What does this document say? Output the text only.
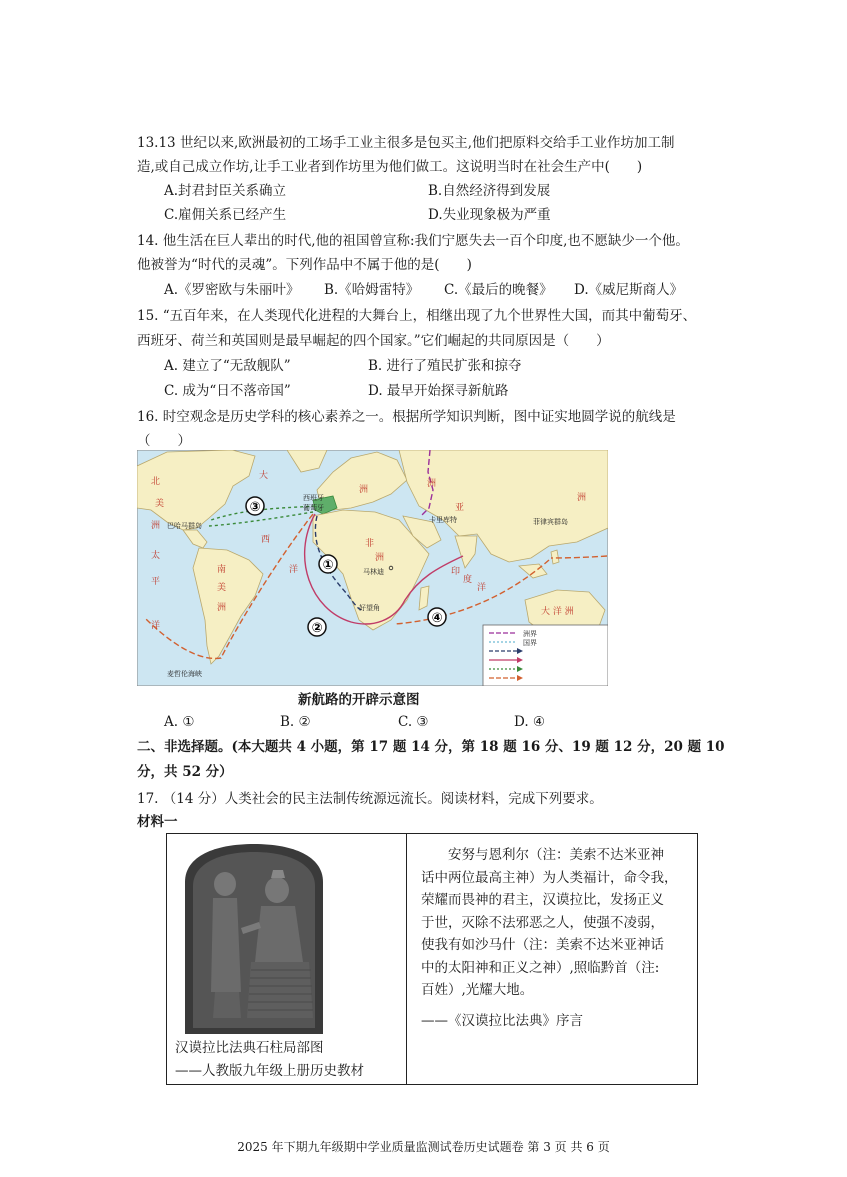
13.13 世纪以来,欧洲最初的工场手工业主很多是包买主,他们把原料交给手工业作坊加工制
造,或自己成立作坊,让手工业者到作坊里为他们做工。这说明当时在社会生产中(　　)
A.封君封臣关系确立	B.自然经济得到发展
C.雇佣关系已经产生	D.失业现象极为严重
14. 他生活在巨人辈出的时代,他的祖国曾宣称:我们宁愿失去一百个印度,也不愿缺少一个他。
他被誉为“时代的灵魂”。下列作品中不属于他的是(　　)
A.《罗密欧与朱丽叶》 B.《哈姆雷特》 C.《最后的晚餐》 D.《威尼斯商人》
15. “五百年来，在人类现代化进程的大舞台上，相继出现了九个世界性大国，而其中葡萄牙、
西班牙、荷兰和英国则是最早崛起的四个国家。”它们崛起的共同原因是（　　）
A. 建立了“无敌舰队”	B. 进行了殖民扩张和掠夺
C. 成为“日不落帝国”	D. 最早开始探寻新航路
16. 时空观念是历史学科的核心素养之一。根据所学知识判断，图中证实地圆学说的航线是
（　　）
③
①
②
④
北
美
洲
南
美
洲
非
洲
洲
亚
洲
洲
大 洋 洲
太
平
洋
大
西
洋	印
度
洋
西班牙
葡萄牙
巴哈马群岛
卡里库特
马林迪
菲律宾群岛
好望角
麦哲伦海峡
洲界
国界
新航路的开辟示意图
A. ①	B. ②	C. ③	D. ④
二、非选择题。(本大题共 4 小题，第 17 题 14 分，第 18 题 16 分、19 题 12 分，20 题 10
分，共 52 分）
17. （14 分）人类社会的民主法制传统源远流长。阅读材料，完成下列要求。
材料一
汉谟拉比法典石柱局部图
——人教版九年级上册历史教材

安努与恩利尔（注：美索不达米亚神
话中两位最高主神）为人类福计，命令我，
荣耀而畏神的君主，汉谟拉比，发扬正义
于世，灭除不法邪恶之人，使强不凌弱，
使我有如沙马什（注：美索不达米亚神话
中的太阳神和正义之神）,照临黔首（注:
百姓）,光耀大地。
——《汉谟拉比法典》序言
2025 年下期九年级期中学业质量监测试卷历史试题卷 第 3 页 共 6 页
